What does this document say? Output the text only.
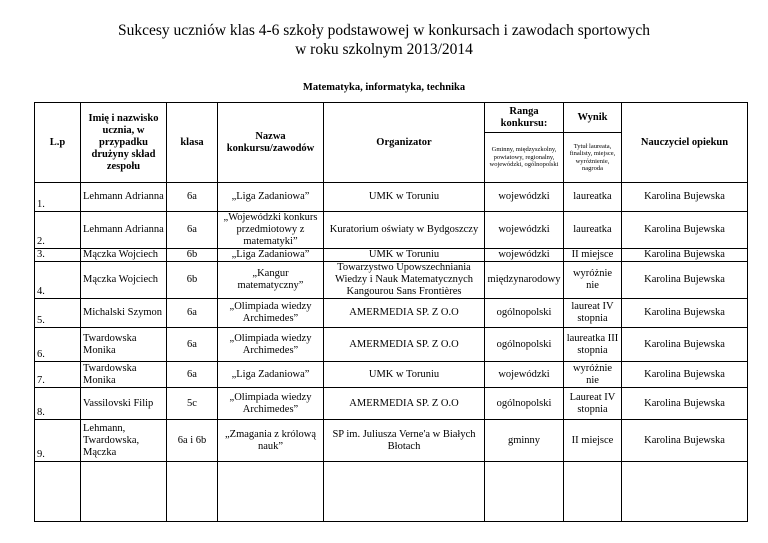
Sukcesy uczniów klas 4-6 szkoły podstawowej w konkursach i zawodach sportowych
w roku szkolnym 2013/2014
Matematyka, informatyka, technika
L.p	Imię i nazwisko ucznia, w przypadku drużyny skład zespołu	klasa	Nazwa konkursu/zawodów	Organizator	Ranga konkursu:	Wynik	Nauczyciel opiekun
					Gminny, międzyszkolny, powiatowy, regionalny, wojewódzki, ogólnopolski	Tytuł laureata, finalisty, miejsce, wyróżnienie, nagroda	
1.	Lehmann Adrianna	6a	„Liga Zadaniowa”	UMK w Toruniu	wojewódzki	laureatka	Karolina Bujewska
2.	Lehmann Adrianna	6a	„Wojewódzki konkurs przedmiotowy z matematyki”	Kuratorium oświaty w Bydgoszczy	wojewódzki	laureatka	Karolina Bujewska
3.	Mączka Wojciech	6b	„Liga Zadaniowa”	UMK w Toruniu	wojewódzki	II miejsce	Karolina Bujewska
4.	Mączka Wojciech	6b	„Kangur matematyczny”	Towarzystwo Upowszechniania Wiedzy i Nauk Matematycznych Kangourou Sans Frontières	międzynarodowy	wyróżnie nie	Karolina Bujewska
5.	Michalski Szymon	6a	„Olimpiada wiedzy Archimedes”	AMERMEDIA SP. Z O.O	ogólnopolski	laureat IV stopnia	Karolina Bujewska
6.	Twardowska Monika	6a	„Olimpiada wiedzy Archimedes”	AMERMEDIA SP. Z O.O	ogólnopolski	laureatka III stopnia	Karolina Bujewska
7.	Twardowska Monika	6a	„Liga Zadaniowa”	UMK w Toruniu	wojewódzki	wyróżnie nie	Karolina Bujewska
8.	Vassilovski Filip	5c	„Olimpiada wiedzy Archimedes”	AMERMEDIA SP. Z O.O	ogólnopolski	Laureat IV stopnia	Karolina Bujewska
9.	Lehmann, Twardowska, Mączka	6a i 6b	„Zmagania z królową nauk”	SP im. Juliusza Verne'a w Białych Błotach	gminny	II miejsce	Karolina Bujewska
